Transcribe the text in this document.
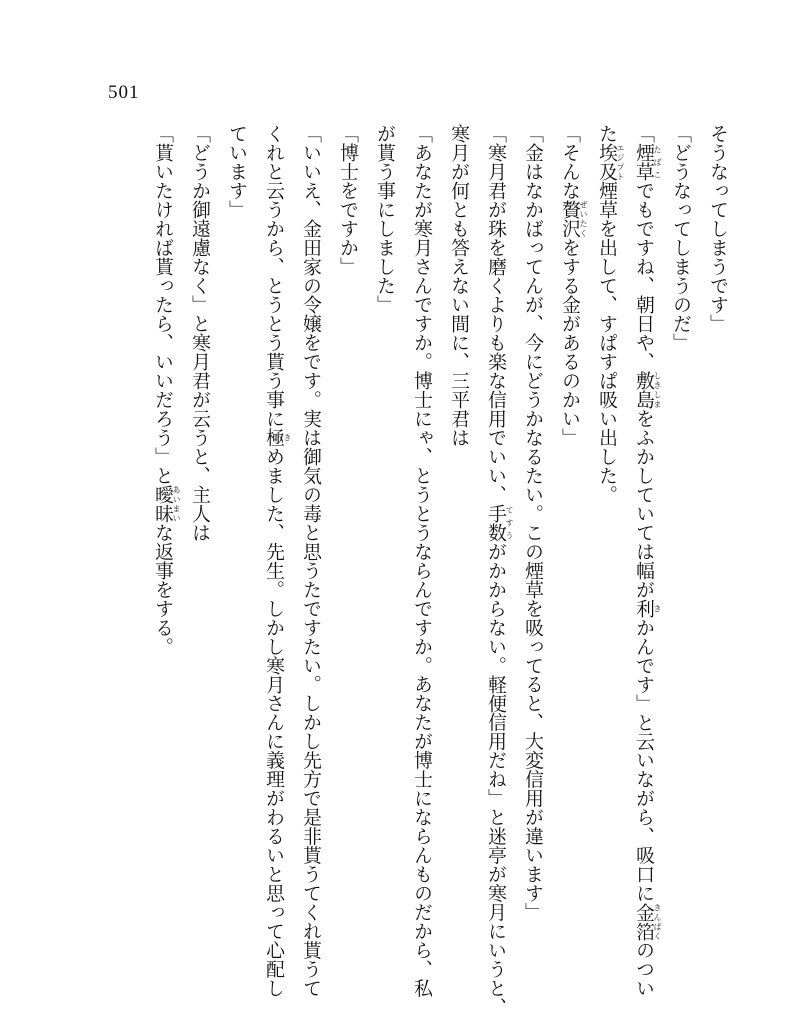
501
そうなってしまうです」
「どうなってしまうのだ」
「煙草 たばこでもですね、朝日や、敷島 しきしまをふかしていては幅が利 きかんです」と云いながら、吸口に金箔 きんぱくのつい
た埃及 エジプト煙草を出して、すぱすぱ吸い出した。
「そんな贅沢 ぜいたくをする金があるのかい」
「金はなかばってんが、今にどうかなるたい。この煙草を吸ってると、大変信用が違います」
「寒月君が珠を磨くよりも楽な信用でいい、手数 てすうがかからない。軽便信用だね」と迷亭が寒月にいうと、
寒月が何とも答えない間に、三平君は
「あなたが寒月さんですか。博士にゃ、とうとうならんですか。あなたが博士にならんものだから、私
が貰う事にしました」
「博士をですか」
「いいえ、金田家の令嬢をです。実は御気の毒と思うたですたい。しかし先方で是非貰うてくれ貰うて
くれと云うから、とうとう貰う事に極 きめました、先生。しかし寒月さんに義理がわるいと思って心配し
ています」
「どうか御遠慮なく」と寒月君が云うと、主人は
「貰いたければ貰ったら、いいだろう」と曖昧 あいまいな返事をする。
